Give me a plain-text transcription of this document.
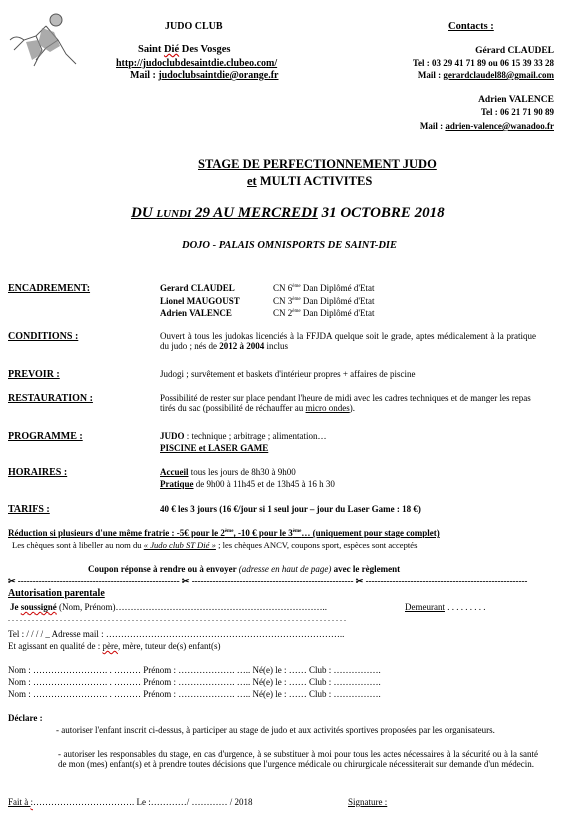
JUDO CLUB
Saint Dié Des Vosges
http://judoclubdesaintdie.clubeo.com/
Mail : judoclubsaintdie@orange.fr
Contacts :
Gérard CLAUDEL
Tel : 03 29 41 71 89 ou 06 15 39 33 28
Mail : gerardclaudel88@gmail.com
Adrien VALENCE
Tel : 06 21 71 90 89
Mail : adrien-valence@wanadoo.fr
STAGE DE PERFECTIONNEMENT JUDO
et MULTI ACTIVITES
DU LUNDI 29 AU MERCREDI 31 OCTOBRE 2018
DOJO - PALAIS OMNISPORTS DE SAINT-DIE
ENCADREMENT:	Gerard CLAUDEL	CN 6ème Dan Diplômé d'Etat
Lionel MAUGOUST	CN 3ème Dan Diplômé d'Etat
Adrien VALENCE	CN 2ème Dan Diplômé d'Etat
CONDITIONS :	Ouvert à tous les judokas licenciés à la FFJDA quelque soit le grade, aptes médicalement à la pratique du judo ; nés de 2012 à 2004 inclus
PREVOIR :	Judogi ; survêtement et baskets d'intérieur propres + affaires de piscine
RESTAURATION :	Possibilité de rester sur place pendant l'heure de midi avec les cadres techniques et de manger les repas tirés du sac (possibilité de réchauffer au micro ondes).
PROGRAMME :	JUDO : technique ; arbitrage ; alimentation…
PISCINE et LASER GAME
HORAIRES :	Accueil tous les jours de 8h30 à 9h00
Pratique de 9h00 à 11h45 et de 13h45 à 16 h 30
TARIFS :	40 € les 3 jours (16 €/jour si 1 seul jour – jour du Laser Game : 18 €)
Réduction si plusieurs d'une même fratrie : -5€ pour le 2ème, -10 € pour le 3ème… (uniquement pour stage complet)
Les chèques sont à libeller au nom du « Judo club ST Dié » ; les chèques ANCV, coupons sport, espèces sont acceptés
Coupon réponse à rendre ou à envoyer (adresse en haut de page) avec le règlement
✂ ------------------------------------------------------ ✂ ------------------------------------------------------ ✂ ------------------------------------------------------
Autorisation parentale
Je soussigné (Nom, Prénom)……………………………………………………………..	Demeurant . . . . . . . . .
. . . . . . . . . . . . . . . . . . . . . . . . . . . . . . . . . . . . . . . . . . . . . . . . . . . . . . . . . . . . . . . . . . . . . . . . . . . . . . . . . . . . .
Tel : / / / / _ Adresse mail : ……………………………………………………………………..
Et agissant en qualité de : père, mère, tuteur de(s) enfant(s)
Nom : ……………………. . ……… Prénom : ………………. ….. Né(e) le : …… Club : …………….
Nom : ……………………. . ……… Prénom : ………………. ….. Né(e) le : …… Club : …………….
Nom : ……………………. . ……… Prénom : ………………. ….. Né(e) le : …… Club : …………….
Déclare :
- autoriser l'enfant inscrit ci-dessus, à participer au stage de judo et aux activités sportives proposées par les organisateurs.
- autoriser les responsables du stage, en cas d'urgence, à se substituer à moi pour tous les actes nécessaires à la sécurité ou à la santé de mon (mes) enfant(s) et à prendre toutes décisions que l'urgence médicale ou chirurgicale nécessiterait sur demande d'un médecin.
Fait à :……………………………. Le :…………/ ………… / 2018	Signature :
